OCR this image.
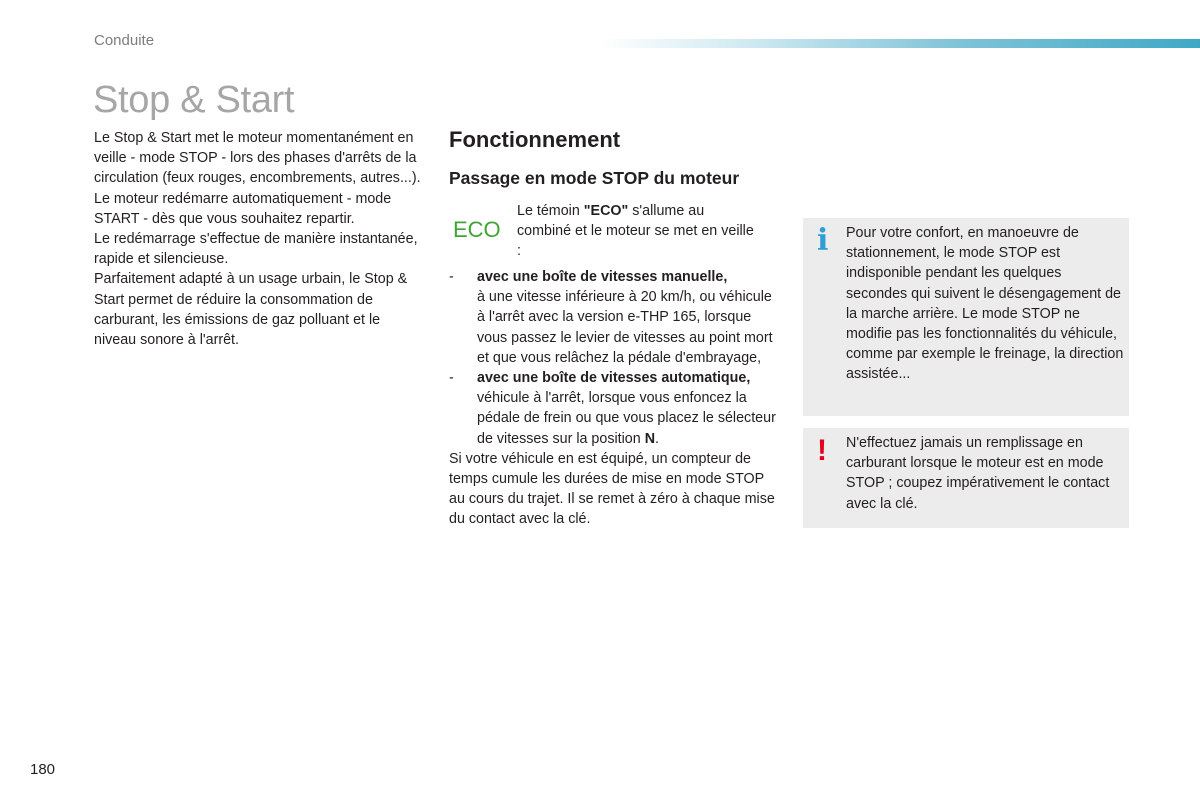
Conduite
Stop & Start

Le Stop & Start met le moteur momentanément en veille - mode STOP - lors des phases d'arrêts de la circulation (feux rouges, encombrements, autres...). Le moteur redémarre automatiquement - mode START - dès que vous souhaitez repartir.

Le redémarrage s'effectue de manière instantanée, rapide et silencieuse.

Parfaitement adapté à un usage urbain, le Stop & Start permet de réduire la consommation de carburant, les émissions de gaz polluant et le niveau sonore à l'arrêt.

Fonctionnement
Passage en mode STOP du moteur
ECO
Le témoin "ECO" s'allume au combiné et le moteur se met en veille :
- avec une boîte de vitesses manuelle,
à une vitesse inférieure à 20 km/h, ou véhicule à l'arrêt avec la version e-THP 165, lorsque vous passez le levier de vitesses au point mort et que vous relâchez la pédale d'embrayage,
- avec une boîte de vitesses automatique,
véhicule à l'arrêt, lorsque vous enfoncez la pédale de frein ou que vous placez le sélecteur de vitesses sur la position N.

Si votre véhicule en est équipé, un compteur de temps cumule les durées de mise en mode STOP au cours du trajet. Il se remet à zéro à chaque mise du contact avec la clé.

i Pour votre confort, en manoeuvre de stationnement, le mode STOP est indisponible pendant les quelques secondes qui suivent le désengagement de la marche arrière. Le mode STOP ne modifie pas les fonctionnalités du véhicule, comme par exemple le freinage, la direction assistée...
! N'effectuez jamais un remplissage en carburant lorsque le moteur est en mode STOP ; coupez impérativement le contact avec la clé.
180
